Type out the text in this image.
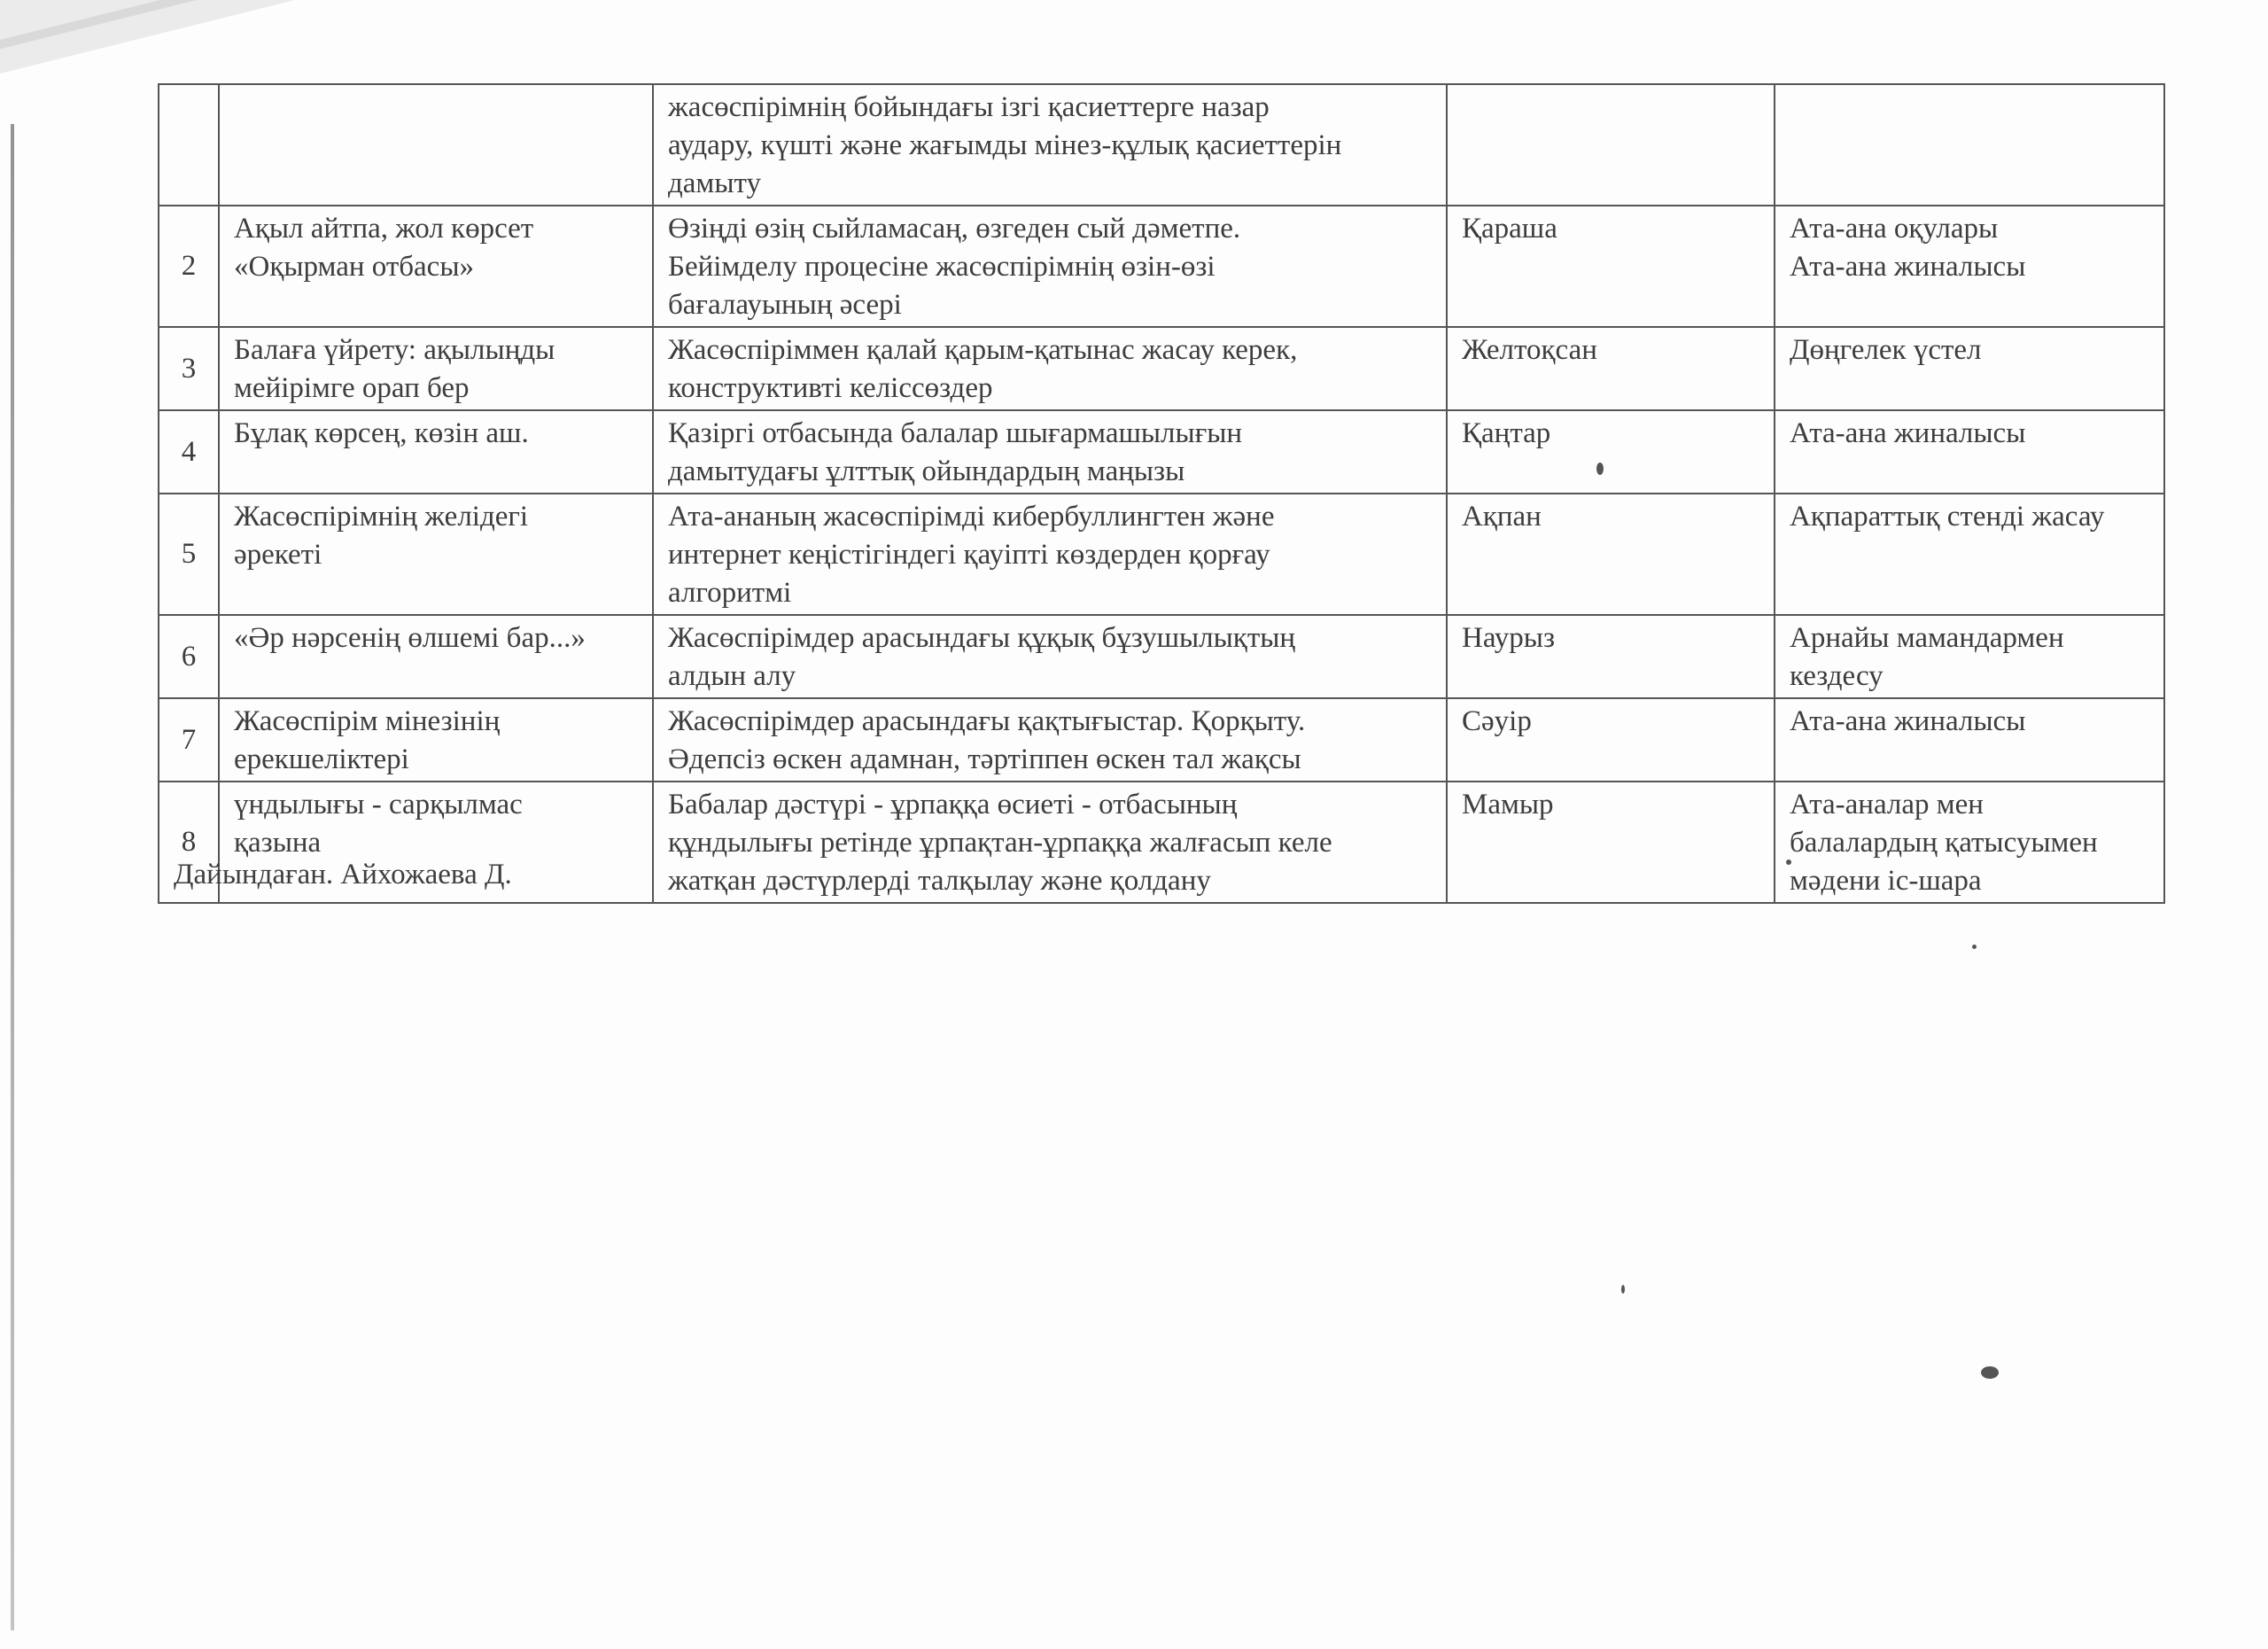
		жасөспірімнің бойындағы ізгі қасиеттерге назар
аудару, күшті және жағымды мінез-құлық қасиеттерін
дамыту		

2	Ақыл айтпа, жол көрсет
«Оқырман отбасы»	Өзіңді өзің сыйламасаң, өзгеден сый дәметпе.
Бейімделу процесіне жасөспірімнің өзін-өзі
бағалауының әсері	Қараша	Ата-ана оқулары
Ата-ана жиналысы

3	Балаға үйрету: ақылыңды
мейірімге орап бер	Жасөспіріммен қалай қарым-қатынас жасау керек,
конструктивті келіссөздер	Желтоқсан	Дөңгелек үстел

4	Бұлақ көрсең, көзін аш.	Қазіргі отбасында балалар шығармашылығын
дамытудағы ұлттық ойындардың маңызы	Қаңтар	Ата-ана жиналысы

5	Жасөспірімнің желідегі
әрекеті	Ата-ананың жасөспірімді кибербуллингтен және
интернет кеңістігіндегі қауіпті көздерден қорғау
алгоритмі	Ақпан	Ақпараттық стенді жасау

6	«Әр нәрсенің өлшемі бар...»	Жасөспірімдер арасындағы құқық бұзушылықтың
алдын алу	Наурыз	Арнайы мамандармен
кездесу

7	Жасөспірім мінезінің
ерекшеліктері	Жасөспірімдер арасындағы қақтығыстар. Қорқыту.
Әдепсіз өскен адамнан, тәртіппен өскен тал жақсы	Сәуір	Ата-ана жиналысы

8	үндылығы - сарқылмас
қазына	Бабалар дәстүрі - ұрпаққа өсиеті - отбасының
құндылығы ретінде ұрпақтан-ұрпаққа жалғасып келе
жатқан дәстүрлерді талқылау және қолдану	Мамыр	Ата-аналар мен
балалардың қатысуымен
мәдени іс-шара
Дайындаған. Айхожаева Д.
